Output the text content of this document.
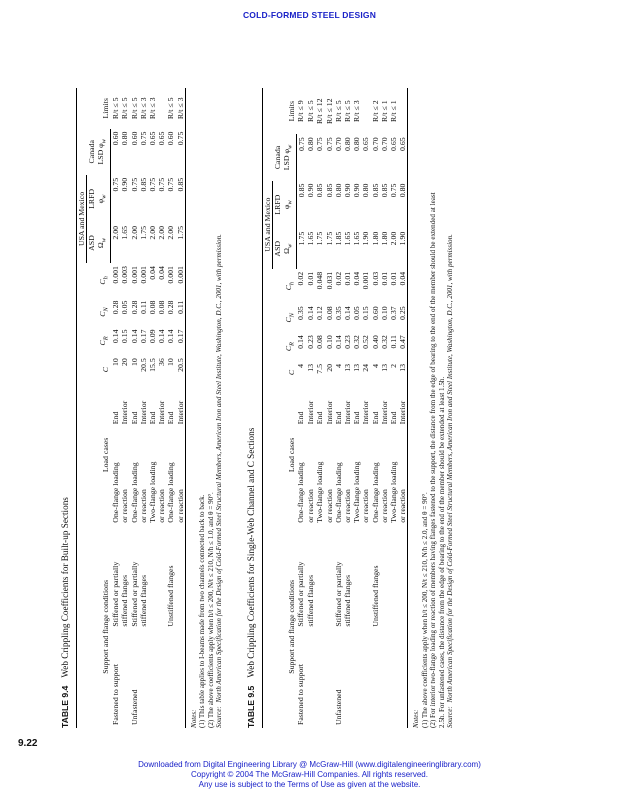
COLD-FORMED STEEL DESIGN
TABLE 9.4Web Crippling Coefficients for Built-up Sections	Support and flange conditions		Load cases		C	$C_R$	$C_N$	$C_h$	USA and Mexico		Canada	Limits
								ASD	LRFD		
								$\Omega_w$	$\varphi_w$	LSD $\varphi_w$
Fastened to support	Stiffened or partially	One-flange loading	End	10	0.14	0.28	0.001	2.00	0.75	0.60	R/t ≤ 5
	stiffened flanges	or reaction	Interior	20	0.15	0.05	0.003	1.65	0.90	0.80	R/t ≤ 5
Unfastened	Stiffened or partially	One-flange loading	End	10	0.14	0.28	0.001	2.00	0.75	0.60	R/t ≤ 5
	stiffened flanges	or reaction	Interior	20.5	0.17	0.11	0.001	1.75	0.85	0.75	R/t ≤ 3
		Two-flange loading	End	15.5	0.09	0.08	0.04	2.00	0.75	0.65	R/t ≤ 3
		or reaction	Interior	36	0.14	0.08	0.04	2.00	0.75	0.65	
	Unstiffened flanges	One-flange loading	End	10	0.14	0.28	0.001	2.00	0.75	0.60	R/t ≤ 5
		or reaction	Interior	20.5	0.17	0.11	0.001	1.75	0.85	0.75	R/t ≤ 3
Notes: (1) This table applies to I-beams made from two channels connected back to back. (2) The above coefficients apply when h/t ≤ 200, N/t ≤ 210, N/h ≤ 1.0, and θ = 90°. Source:  North American Specification for the Design of Cold-Formed Steel Structural Members, American Iron and Steel Institute, Washington, D.C., 2001, with permission.
TABLE 9.5Web Crippling Coefficients for Single-Web Channel and C Sections	Support and flange conditions		Load cases		C	$C_R$	$C_N$	$C_h$	USA and Mexico		Canada	Limits
								ASD	LRFD		
								$\Omega_w$	$\varphi_w$	LSD $\varphi_w$
Fastened to support	Stiffened or partially	One-flange loading	End	4	0.14	0.35	0.02	1.75	0.85	0.75	R/t ≤ 9
	stiffened flanges	or reaction	Interior	13	0.23	0.14	0.01	1.65	0.90	0.80	R/t ≤ 5
		Two-flange loading	End	7.5	0.08	0.12	0.048	1.75	0.85	0.75	R/t ≤ 12
		or reaction	Interior	20	0.10	0.08	0.031	1.75	0.85	0.75	R/t ≤ 12
Unfastened	Stiffened or partially	One-flange loading	End	4	0.14	0.35	0.02	1.85	0.80	0.70	R/t ≤ 5
	stiffened flanges	or reaction	Interior	13	0.23	0.14	0.01	1.65	0.90	0.80	R/t ≤ 5
		Two-flange loading	End	13	0.32	0.05	0.04	1.65	0.90	0.80	R/t ≤ 3
		or reaction	Interior	24	0.52	0.15	0.001	1.90	0.80	0.65	
	Unstiffened flanges	One-flange loading	End	4	0.40	0.60	0.03	1.80	0.85	0.70	R/t ≤ 2
		or reaction	Interior	13	0.32	0.10	0.01	1.80	0.85	0.70	R/t ≤ 1
		Two-flange loading	End	2	0.11	0.37	0.01	2.00	0.75	0.65	R/t ≤ 1
		or reaction	Interior	13	0.47	0.25	0.04	1.90	0.80	0.65	
Notes: (1) The above coefficients apply when h/t ≤ 200, N/t ≤ 210, N/h ≤ 2.0, and θ = 90°. (2) For interior two-flange loading or reaction of members having flanges fastened to the support, the distance from the edge of bearing to the end of the member should be extended at least 2.5h. For unfastened cases, the distance from the edge of bearing to the end of the member should be extended at least 1.5h. Source:  North American Specification for the Design of Cold-Formed Steel Structural Members, American Iron and Steel Institute, Washington, D.C., 2001, with permission.
9.22
Downloaded from Digital Engineering Library @ McGraw-Hill (www.digitalengineeringlibrary.com)
Copyright © 2004 The McGraw-Hill Companies. All rights reserved.
Any use is subject to the Terms of Use as given at the website.
